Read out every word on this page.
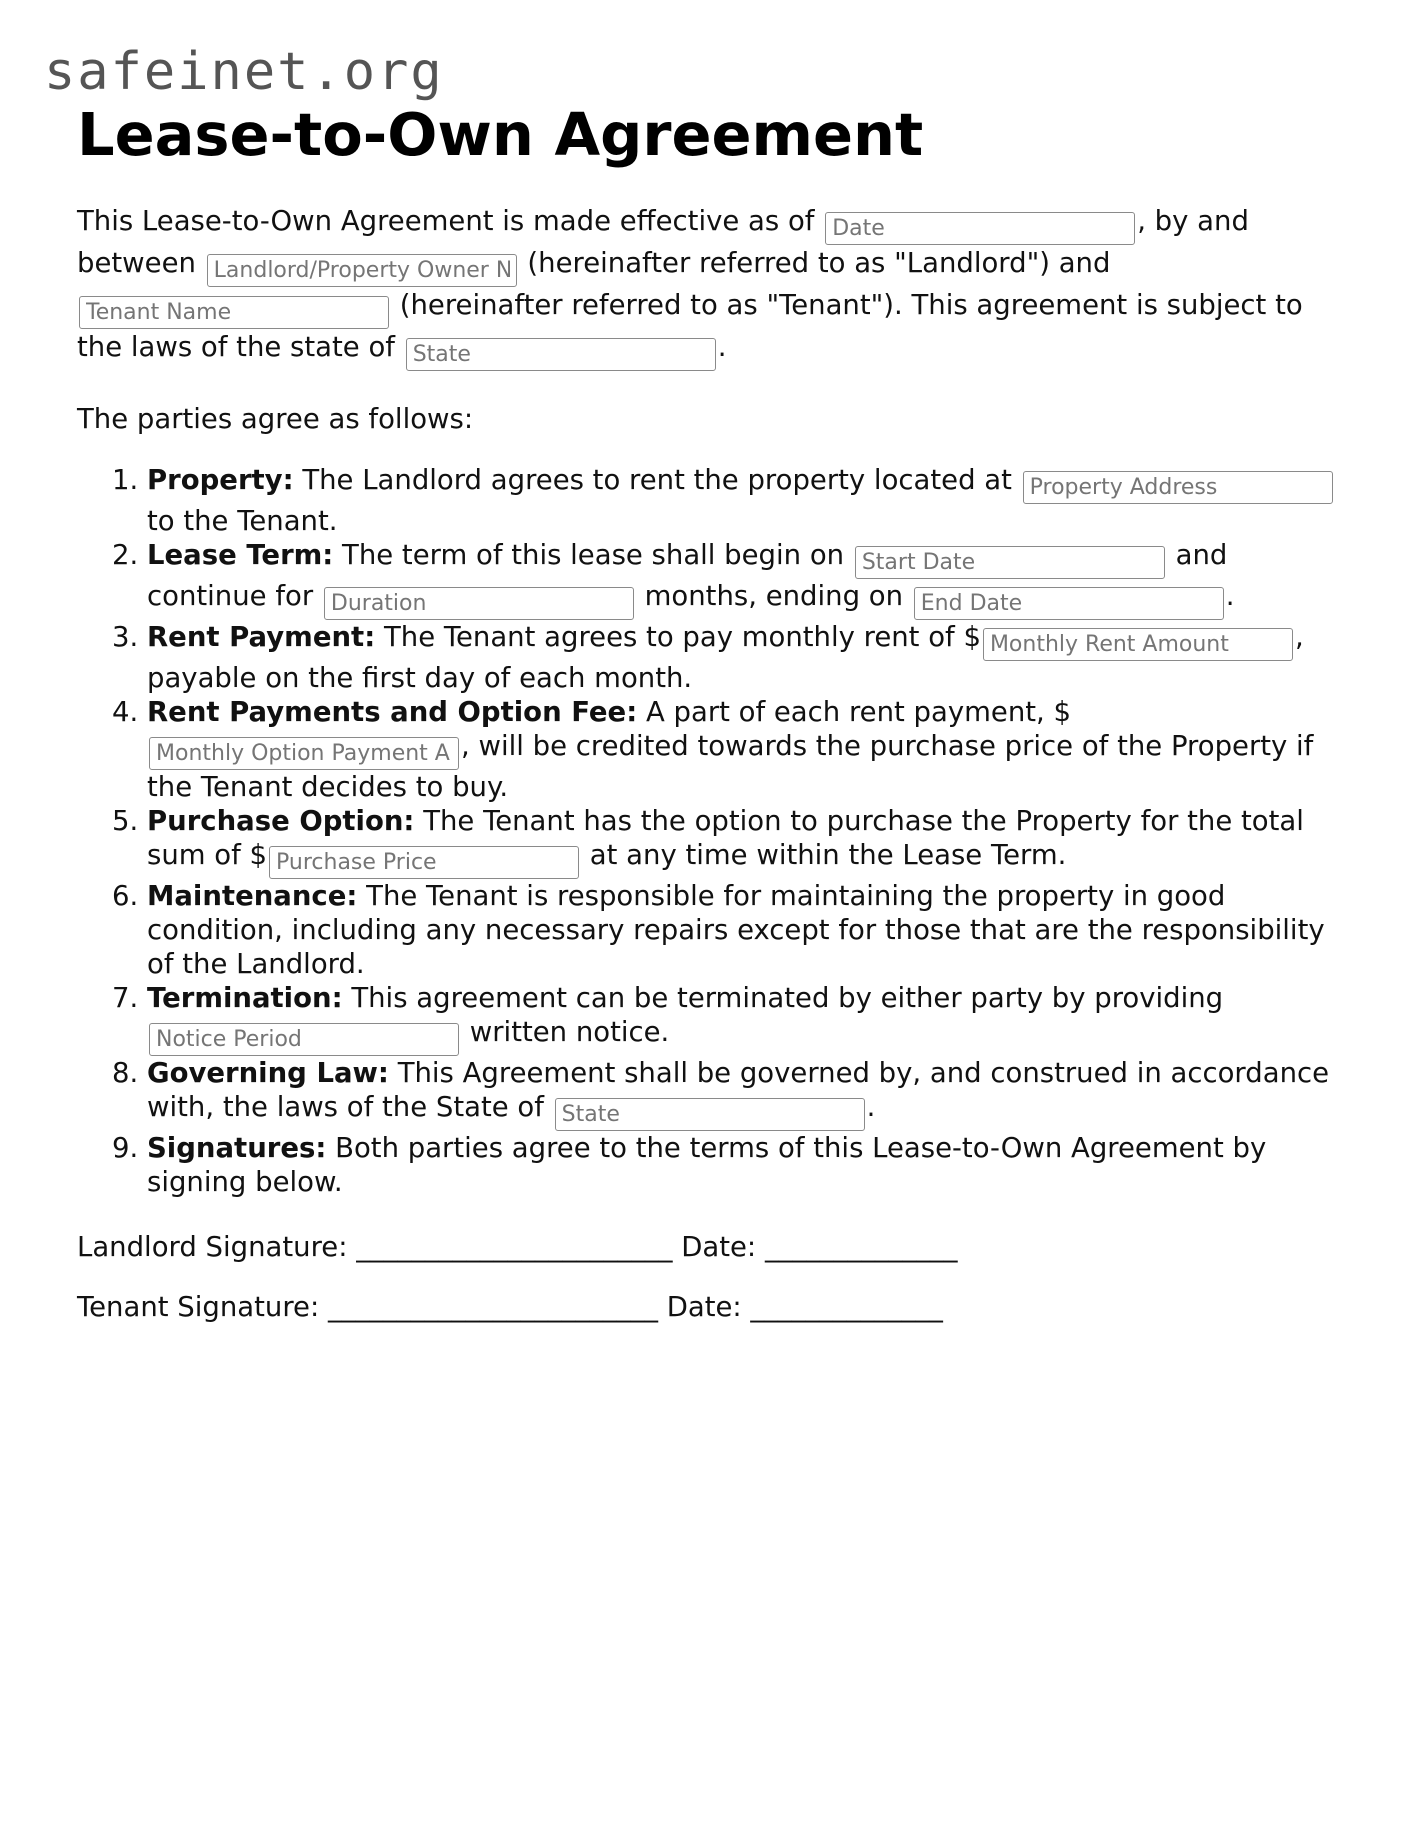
safeinet.org
Lease-to-Own Agreement

This Lease-to-Own Agreement is made effective as of Date	, by and between Landlord/Property Owner N	(hereinafter referred to as "Landlord") and Tenant Name (hereinafter referred to as "Tenant"). This agreement is subject to the laws of the state of State	.

The parties agree as follows:

1. Property: The Landlord agrees to rent the property located at Property Address to the Tenant.
2. Lease Term: The term of this lease shall begin on Start Date	and continue for Duration	months, ending on End Date	.
3. Rent Payment: The Tenant agrees to pay monthly rent of $Monthly Rent Amount	, payable on the first day of each month.
4. Rent Payments and Option Fee: A part of each rent payment, $ Monthly Option Payment A, will be credited towards the purchase price of the Property if the Tenant decides to buy.
5. Purchase Option: The Tenant has the option to purchase the Property for the total sum of $Purchase Price	at any time within the Lease Term.
6. Maintenance: The Tenant is responsible for maintaining the property in good condition, including any necessary repairs except for those that are the responsibility of the Landlord.
7. Termination: This agreement can be terminated by either party by providing Notice Period written notice.
8. Governing Law: This Agreement shall be governed by, and construed in accordance with, the laws of the State of State	.
9. Signatures: Both parties agree to the terms of this Lease-to-Own Agreement by signing below.

Landlord Signature: _______________________ Date: ______________

Tenant Signature: ________________________ Date: ______________
